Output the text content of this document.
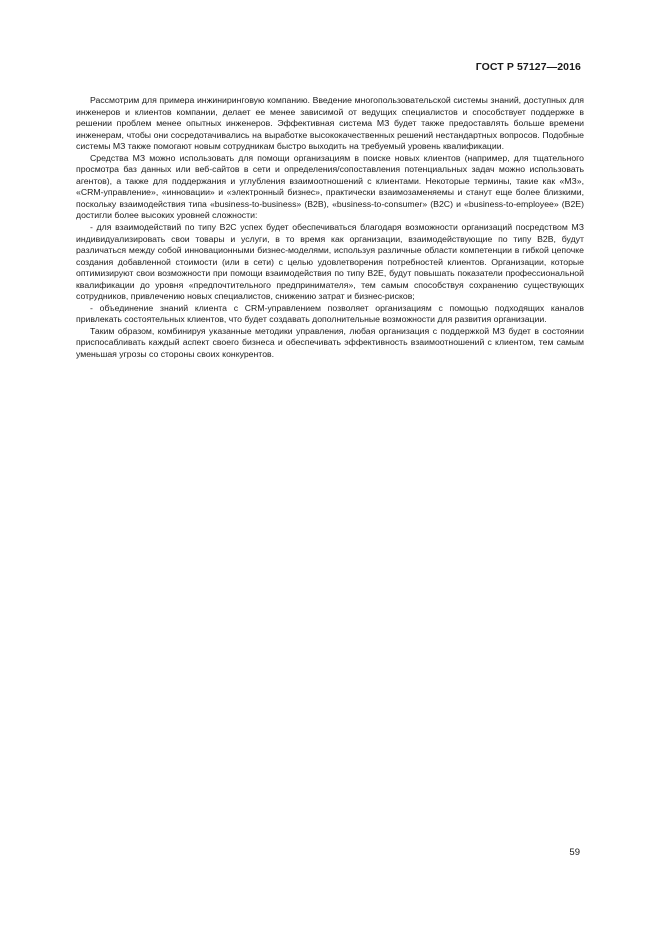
ГОСТ Р 57127—2016

Рассмотрим для примера инжиниринговую компанию. Введение многопользовательской системы знаний, доступных для инженеров и клиентов компании, делает ее менее зависимой от ведущих специалистов и способствует поддержке в решении проблем менее опытных инженеров. Эффективная система МЗ будет также предоставлять больше времени инженерам, чтобы они сосредотачивались на выработке высококачественных решений нестандартных вопросов. Подобные системы МЗ также помогают новым сотрудникам быстро выходить на требуемый уровень квалификации.

Средства МЗ можно использовать для помощи организациям в поиске новых клиентов (например, для тщательного просмотра баз данных или веб-сайтов в сети и определения/сопоставления потенциальных задач можно использовать агентов), а также для поддержания и углубления взаимоотношений с клиентами. Некоторые термины, такие как «МЗ», «CRM-управление», «инновации» и «электронный бизнес», практически взаимозаменяемы и станут еще более близкими, поскольку взаимодействия типа «business-to-business» (B2B), «business-to-consumer» (B2C) и «business-to-employee» (B2E) достигли более высоких уровней сложности:

- для взаимодействий по типу B2C успех будет обеспечиваться благодаря возможности организаций посредством МЗ индивидуализировать свои товары и услуги, в то время как организации, взаимодействующие по типу B2B, будут различаться между собой инновационными бизнес-моделями, используя различные области компетенции в гибкой цепочке создания добавленной стоимости (или в сети) с целью удовлетворения потребностей клиентов. Организации, которые оптимизируют свои возможности при помощи взаимодействия по типу B2E, будут повышать показатели профессиональной квалификации до уровня «предпочтительного предпринимателя», тем самым способствуя сохранению существующих сотрудников, привлечению новых специалистов, снижению затрат и бизнес-рисков;

- объединение знаний клиента с CRM-управлением позволяет организациям с помощью подходящих каналов привлекать состоятельных клиентов, что будет создавать дополнительные возможности для развития организации.

Таким образом, комбинируя указанные методики управления, любая организация с поддержкой МЗ будет в состоянии приспосабливать каждый аспект своего бизнеса и обеспечивать эффективность взаимоотношений с клиентом, тем самым уменьшая угрозы со стороны своих конкурентов.

59
